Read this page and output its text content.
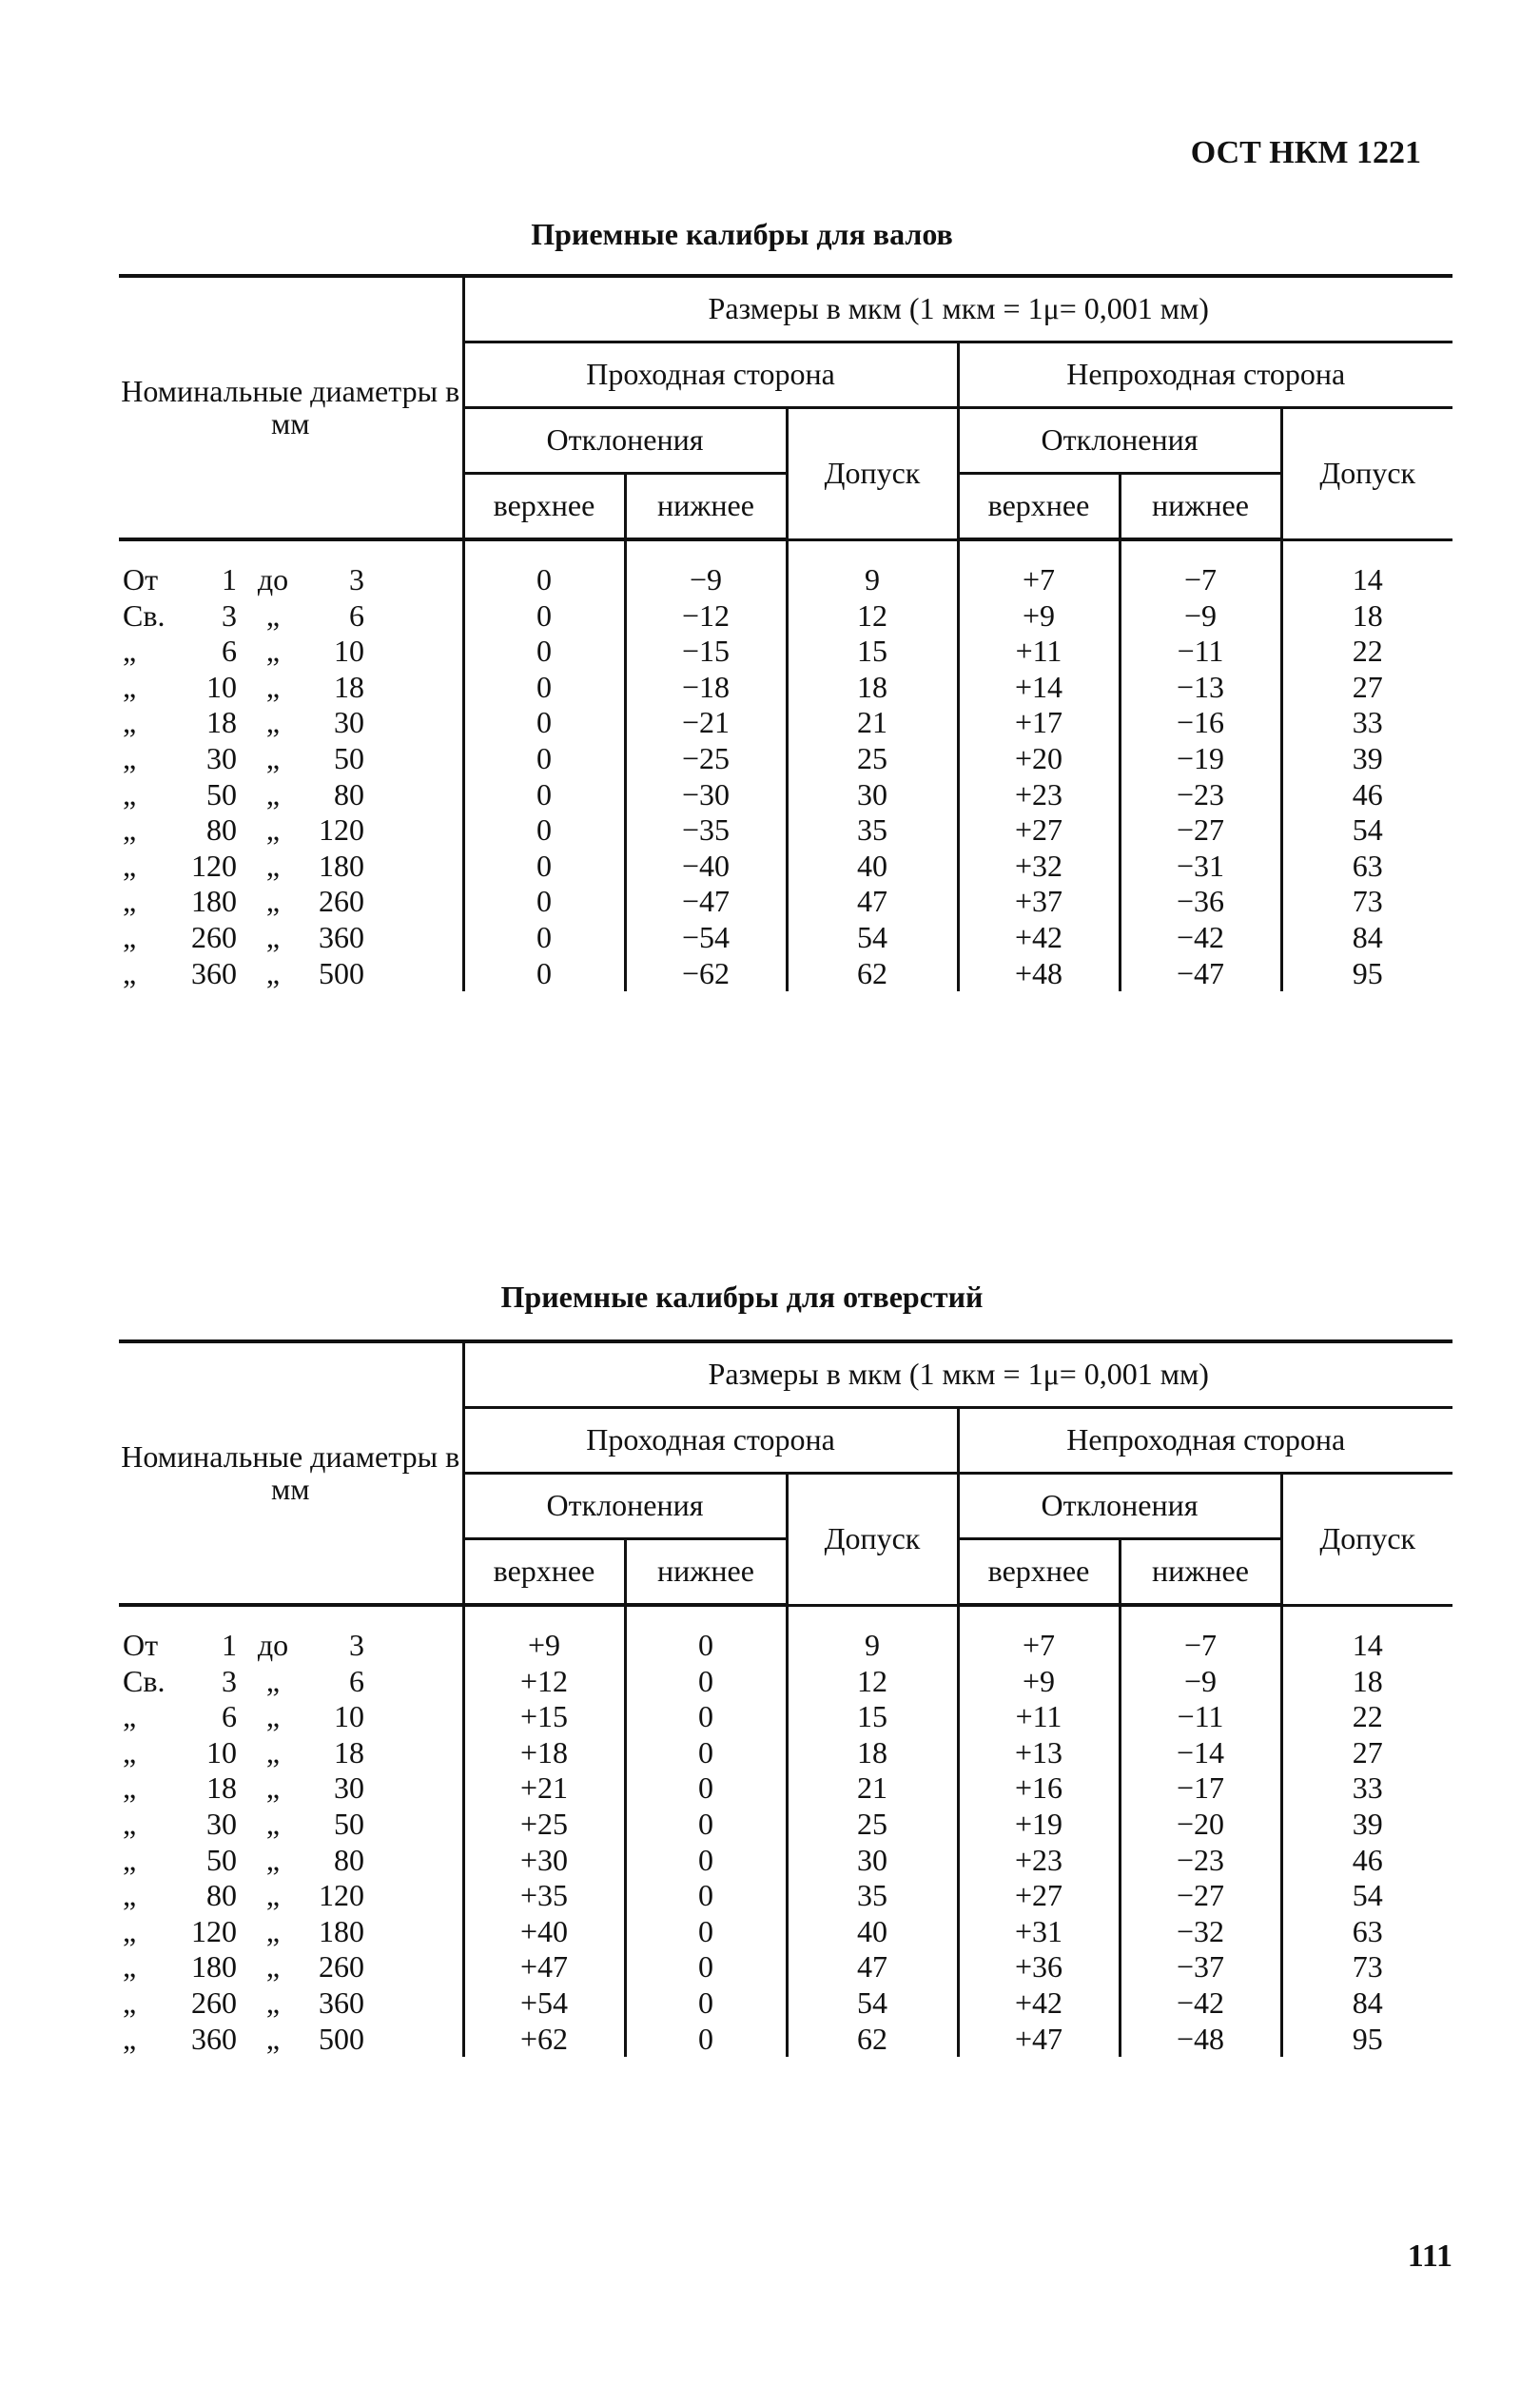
ОСТ НКМ 1221
Приемные калибры для валов
Номинальные диаметры в мм	Размеры в мкм (1 мкм = 1μ= 0,001 мм)					
	Проходная сторона			Непроходная сторона		
	Отклонения		Допуск	Отклонения		Допуск
	верхнее	нижнее		верхнее	нижнее	
От 1 до 3	0	−9	9	+7	−7	14
Св. 3 „ 6	0	−12	12	+9	−9	18
„ 6 „ 10	0	−15	15	+11	−11	22
„ 10 „ 18	0	−18	18	+14	−13	27
„ 18 „ 30	0	−21	21	+17	−16	33
„ 30 „ 50	0	−25	25	+20	−19	39
„ 50 „ 80	0	−30	30	+23	−23	46
„ 80 „ 120	0	−35	35	+27	−27	54
„ 120 „ 180	0	−40	40	+32	−31	63
„ 180 „ 260	0	−47	47	+37	−36	73
„ 260 „ 360	0	−54	54	+42	−42	84
„ 360 „ 500	0	−62	62	+48	−47	95
Приемные калибры для отверстий
Номинальные диаметры в мм	Размеры в мкм (1 мкм = 1μ= 0,001 мм)					
	Проходная сторона			Непроходная сторона		
	Отклонения		Допуск	Отклонения		Допуск
	верхнее	нижнее		верхнее	нижнее	
От 1 до 3	+9	0	9	+7	−7	14
Св. 3 „ 6	+12	0	12	+9	−9	18
„ 6 „ 10	+15	0	15	+11	−11	22
„ 10 „ 18	+18	0	18	+13	−14	27
„ 18 „ 30	+21	0	21	+16	−17	33
„ 30 „ 50	+25	0	25	+19	−20	39
„ 50 „ 80	+30	0	30	+23	−23	46
„ 80 „ 120	+35	0	35	+27	−27	54
„ 120 „ 180	+40	0	40	+31	−32	63
„ 180 „ 260	+47	0	47	+36	−37	73
„ 260 „ 360	+54	0	54	+42	−42	84
„ 360 „ 500	+62	0	62	+47	−48	95
111
